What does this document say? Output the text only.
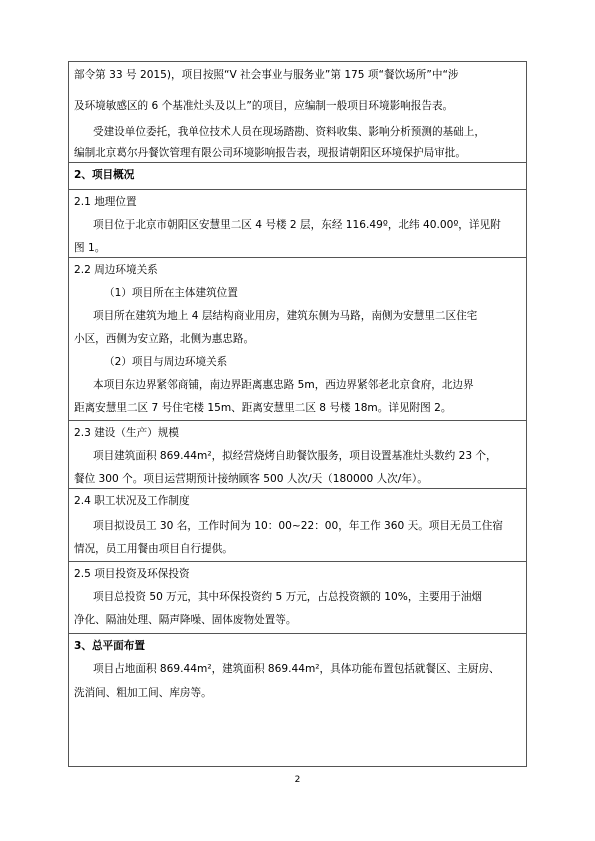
部令第 33 号 2015)，项目按照“V 社会事业与服务业”第 175 项“餐饮场所”中“涉
及环境敏感区的 6 个基准灶头及以上”的项目，应编制一般项目环境影响报告表。
受建设单位委托，我单位技术人员在现场踏勘、资料收集、影响分析预测的基础上，
编制北京葛尔丹餐饮管理有限公司环境影响报告表，现报请朝阳区环境保护局审批。
2、项目概况
2.1 地理位置
项目位于北京市朝阳区安慧里二区 4 号楼 2 层，东经 116.49º，北纬 40.00º，详见附
图 1。
2.2 周边环境关系
（1）项目所在主体建筑位置
项目所在建筑为地上 4 层结构商业用房，建筑东侧为马路，南侧为安慧里二区住宅
小区，西侧为安立路，北侧为惠忠路。
（2）项目与周边环境关系
本项目东边界紧邻商铺，南边界距离惠忠路 5m，西边界紧邻老北京食府，北边界
距离安慧里二区 7 号住宅楼 15m、距离安慧里二区 8 号楼 18m。详见附图 2。
2.3 建设（生产）规模
项目建筑面积 869.44m²，拟经营烧烤自助餐饮服务，项目设置基准灶头数约 23 个，
餐位 300 个。项目运营期预计接纳顾客 500 人次/天（180000 人次/年）。
2.4 职工状况及工作制度
项目拟设员工 30 名，工作时间为 10：00~22：00，年工作 360 天。项目无员工住宿
情况，员工用餐由项目自行提供。
2.5 项目投资及环保投资
项目总投资 50 万元，其中环保投资约 5 万元，占总投资额的 10%，主要用于油烟
净化、隔油处理、隔声降噪、固体废物处置等。
3、总平面布置
项目占地面积 869.44m²，建筑面积 869.44m²，具体功能布置包括就餐区、主厨房、
洗消间、粗加工间、库房等。
2
